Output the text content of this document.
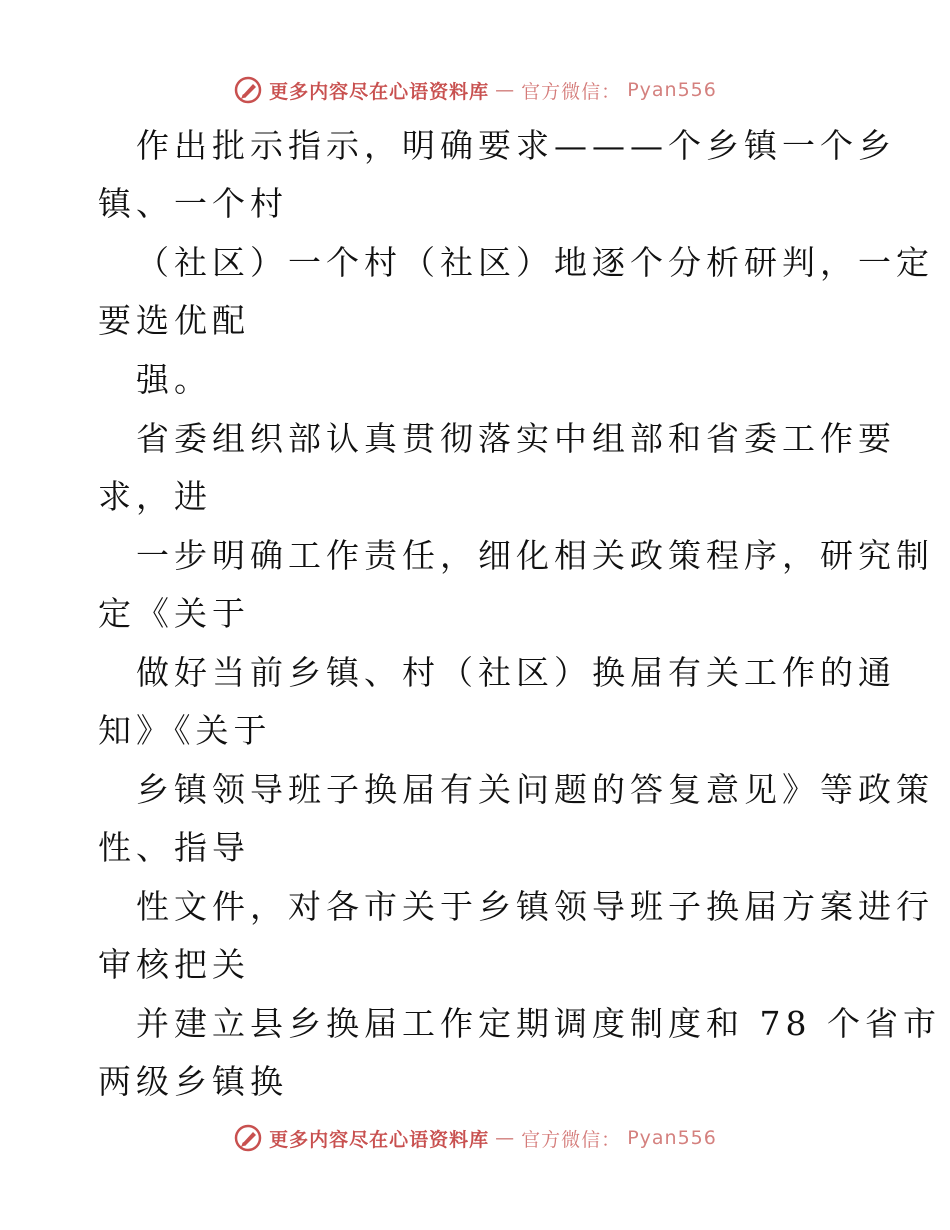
更多内容尽在心语资料库 — 官方微信： Pyan556
作出批示指示，明确要求———个乡镇一个乡
镇、一个村
（社区）一个村（社区）地逐个分析研判，一定
要选优配
强。
省委组织部认真贯彻落实中组部和省委工作要
求，进
一步明确工作责任，细化相关政策程序，研究制
定《关于
做好当前乡镇、村（社区）换届有关工作的通
知》《关于
乡镇领导班子换届有关问题的答复意见》等政策
性、指导
性文件，对各市关于乡镇领导班子换届方案进行
审核把关
并建立县乡换届工作定期调度制度和 78 个省市
两级乡镇换
更多内容尽在心语资料库 — 官方微信： Pyan556
